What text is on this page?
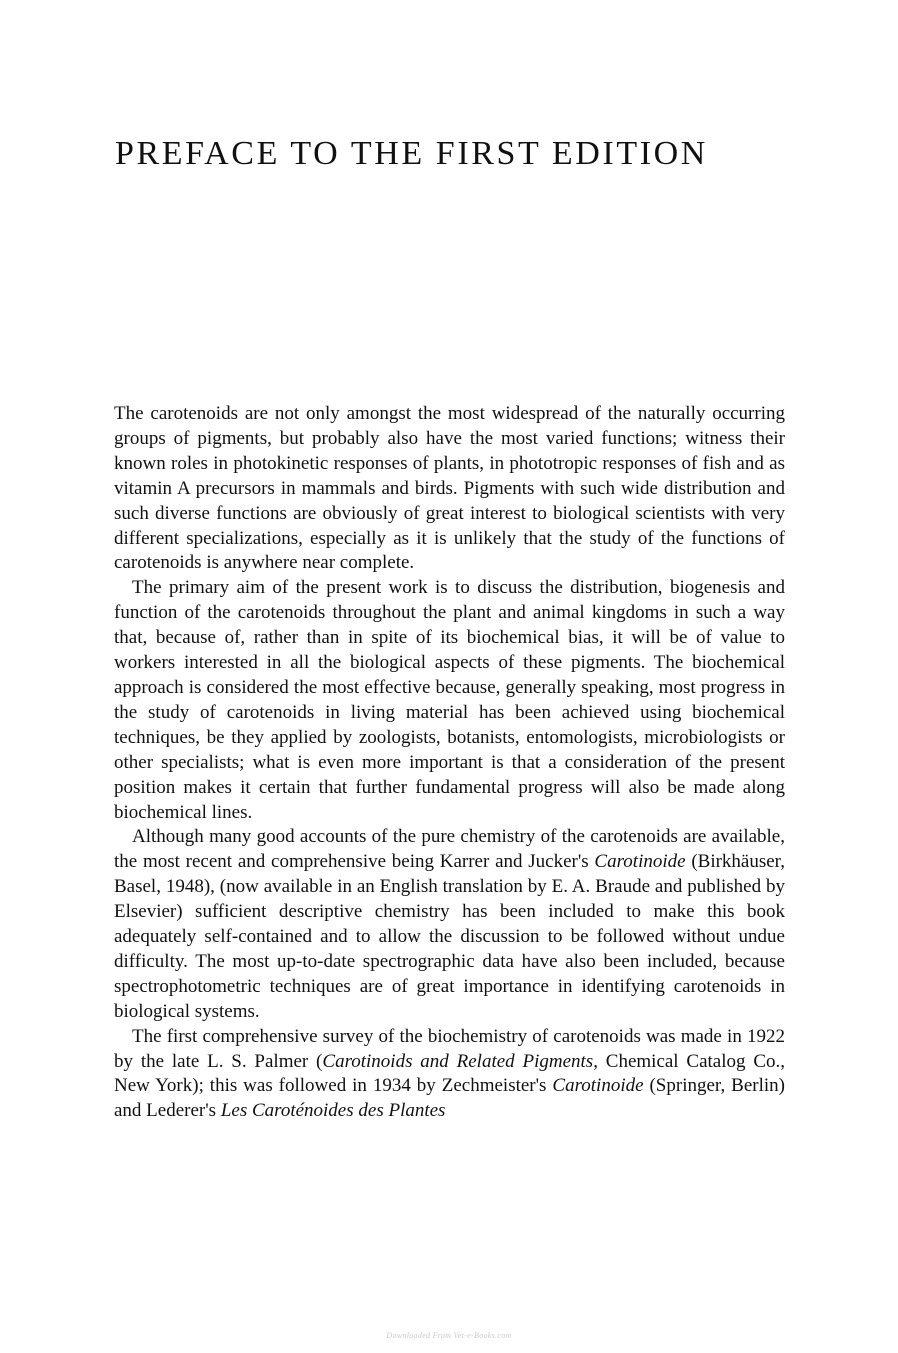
PREFACE TO THE FIRST EDITION

The carotenoids are not only amongst the most widespread of the naturally occurring groups of pigments, but probably also have the most varied functions; witness their known roles in photokinetic responses of plants, in phototropic responses of fish and as vitamin A precursors in mammals and birds. Pigments with such wide distribution and such diverse functions are obviously of great interest to biological scientists with very different specializations, especially as it is unlikely that the study of the functions of carotenoids is anywhere near complete.

The primary aim of the present work is to discuss the distribution, biogenesis and function of the carotenoids throughout the plant and animal kingdoms in such a way that, because of, rather than in spite of its biochemical bias, it will be of value to workers interested in all the biological aspects of these pigments. The biochemical approach is considered the most effective because, generally speaking, most progress in the study of carotenoids in living material has been achieved using biochemical techniques, be they applied by zoologists, botanists, entomologists, microbiologists or other specialists; what is even more important is that a consideration of the present position makes it certain that further fundamental progress will also be made along biochemical lines.

Although many good accounts of the pure chemistry of the carotenoids are available, the most recent and comprehensive being Karrer and Jucker's Carotinoide (Birkhäuser, Basel, 1948), (now available in an English translation by E. A. Braude and published by Elsevier) sufficient descriptive chemistry has been included to make this book adequately self-contained and to allow the discussion to be followed without undue difficulty. The most up-to-date spectrographic data have also been included, because spectrophotometric techniques are of great importance in identifying carotenoids in biological systems.

The first comprehensive survey of the biochemistry of carotenoids was made in 1922 by the late L. S. Palmer (Carotinoids and Related Pigments, Chemical Catalog Co., New York); this was followed in 1934 by Zechmeister's Carotinoide (Springer, Berlin) and Lederer's Les Caroténoides des Plantes

Downloaded From Vet-e-Books.com
